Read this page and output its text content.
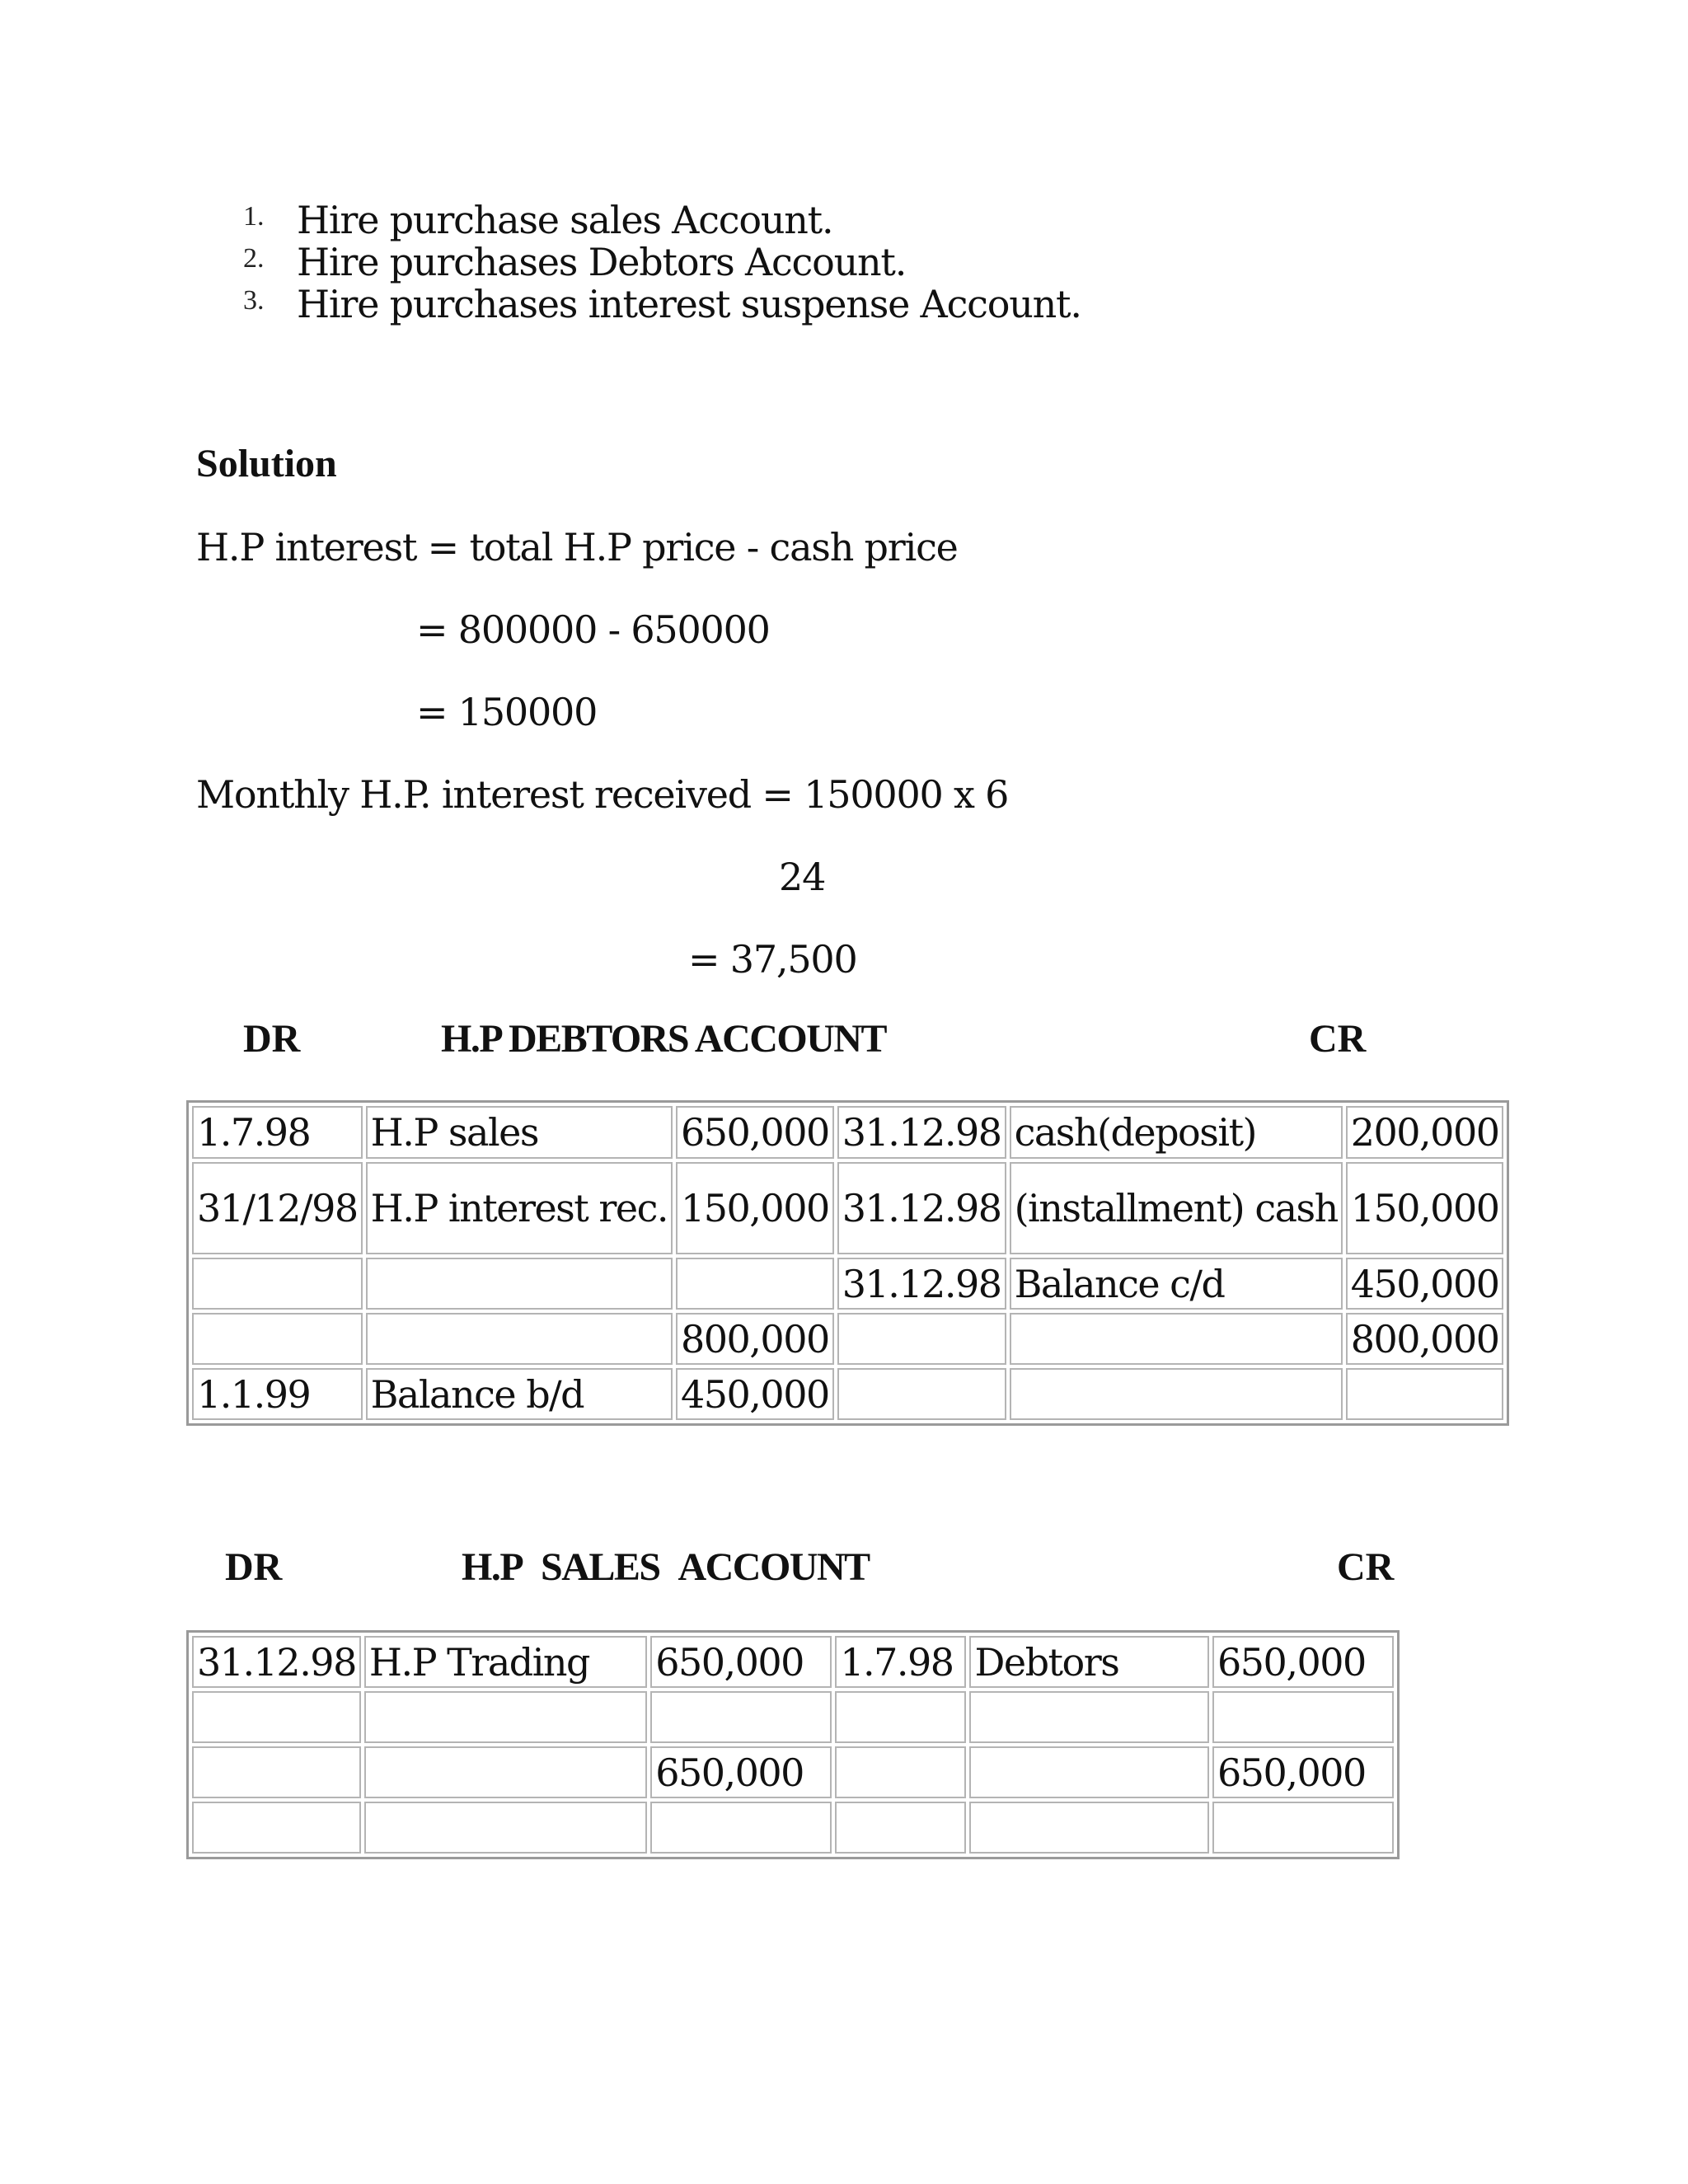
1. Hire purchase sales Account.
2. Hire purchases Debtors Account.
3. Hire purchases interest suspense Account.
Solution
H.P interest = total H.P price - cash price
= 800000 - 650000
= 150000
Monthly H.P. interest received = 150000 x 6
24
= 37,500
DR	H.P DEBTORS ACCOUNT	CR
1.7.98	H.P sales	650,000	31.12.98	cash(deposit)	200,000
31/12/98	H.P interest rec.	150,000	31.12.98	(installment) cash	150,000
			31.12.98	Balance c/d	450,000
		800,000			800,000
1.1.99	Balance b/d	450,000			
DR	H.P SALES ACCOUNT	CR
31.12.98	H.P Trading	650,000	1.7.98	Debtors	650,000

		650,000			650,000
